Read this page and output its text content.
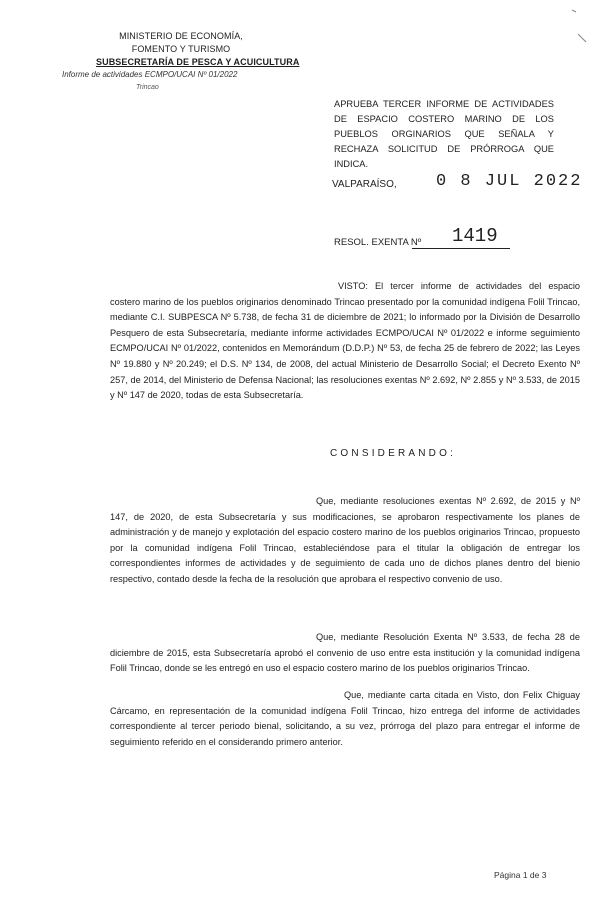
MINISTERIO DE ECONOMÍA,
FOMENTO Y TURISMO
SUBSECRETARÍA DE PESCA Y ACUICULTURA
Informe de actividades ECMPO/UCAI Nº 01/2022
Trincao
APRUEBA TERCER INFORME DE ACTIVIDADES DE ESPACIO COSTERO MARINO DE LOS PUEBLOS ORGINARIOS QUE SEÑALA Y RECHAZA SOLICITUD DE PRÓRROGA QUE INDICA.
VALPARAÍSO, 0 8 JUL 2022
RESOL. EXENTA Nº 1419
VISTO: El tercer informe de actividades del espacio costero marino de los pueblos originarios denominado Trincao presentado por la comunidad indígena Folil Trincao, mediante C.I. SUBPESCA Nº 5.738, de fecha 31 de diciembre de 2021; lo informado por la División de Desarrollo Pesquero de esta Subsecretaría, mediante informe actividades ECMPO/UCAI Nº 01/2022 e informe seguimiento ECMPO/UCAI Nº 01/2022, contenidos en Memorándum (D.D.P.) Nº 53, de fecha 25 de febrero de 2022; las Leyes Nº 19.880 y Nº 20.249; el D.S. Nº 134, de 2008, del actual Ministerio de Desarrollo Social; el Decreto Exento Nº 257, de 2014, del Ministerio de Defensa Nacional; las resoluciones exentas Nº 2.692, Nº 2.855 y Nº 3.533, de 2015 y Nº 147 de 2020, todas de esta Subsecretaría.
CONSIDERANDO:
Que, mediante resoluciones exentas Nº 2.692, de 2015 y Nº 147, de 2020, de esta Subsecretaría y sus modificaciones, se aprobaron respectivamente los planes de administración y de manejo y explotación del espacio costero marino de los pueblos originarios Trincao, propuesto por la comunidad indígena Folil Trincao, estableciéndose para el titular la obligación de entregar los correspondientes informes de actividades y de seguimiento de cada uno de dichos planes dentro del bienio respectivo, contado desde la fecha de la resolución que aprobara el respectivo convenio de uso.
Que, mediante Resolución Exenta Nº 3.533, de fecha 28 de diciembre de 2015, esta Subsecretaría aprobó el convenio de uso entre esta institución y la comunidad indígena Folil Trincao, donde se les entregó en uso el espacio costero marino de los pueblos originarios Trincao.
Que, mediante carta citada en Visto, don Felix Chiguay Cárcamo, en representación de la comunidad indígena Folil Trincao, hizo entrega del informe de actividades correspondiente al tercer periodo bienal, solicitando, a su vez, prórroga del plazo para entregar el informe de seguimiento referido en el considerando primero anterior.
Página 1 de 3
